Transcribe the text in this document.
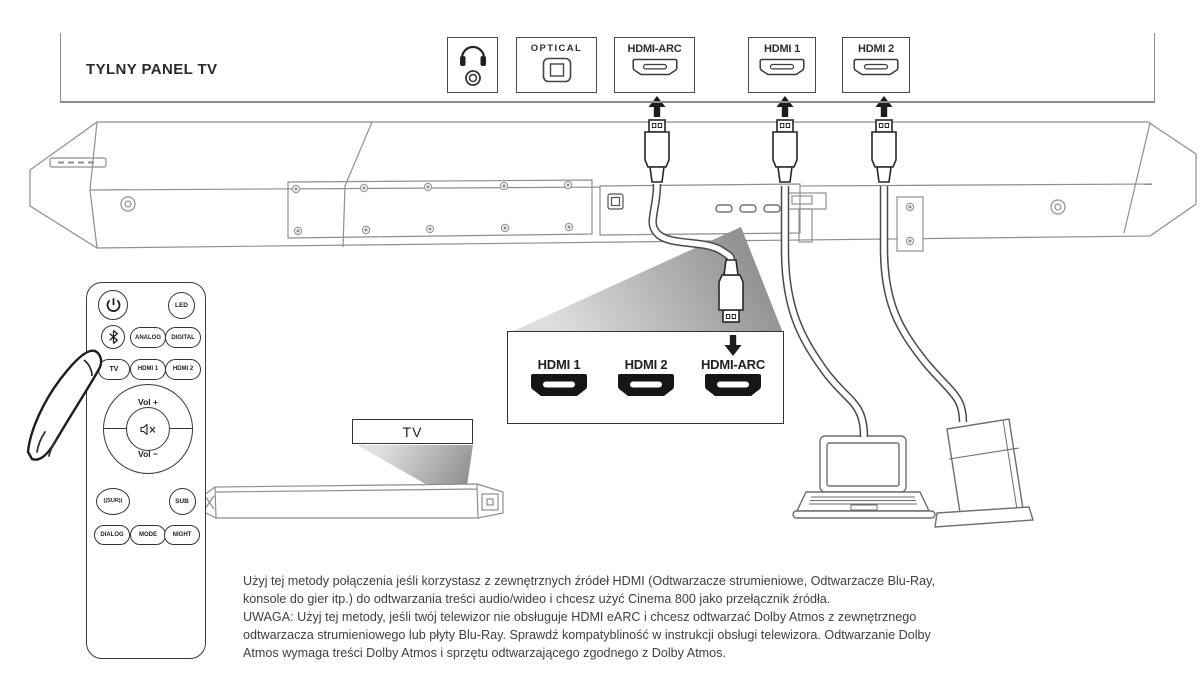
TYLNY PANEL TV
OPTICAL	HDMI-ARC	HDMI 1	HDMI 2
HDMI 1	HDMI 2	HDMI-ARC
TV
LED
ANALOG	DIGITAL
TV	HDMI 1	HDMI 2
Vol +
Vol −
((SUR))	SUB
DIALOG	MODE	NIGHT
Użyj tej metody połączenia jeśli korzystasz z zewnętrznych źródeł HDMI (Odtwarzacze strumieniowe, Odtwarzacze Blu-Ray,
konsole do gier itp.) do odtwarzania treści audio/wideo i chcesz użyć Cinema 800 jako przełącznik źródła.
UWAGA: Użyj tej metody, jeśli twój telewizor nie obsługuje HDMI eARC i chcesz odtwarzać Dolby Atmos z zewnętrznego
odtwarzacza strumieniowego lub płyty Blu-Ray. Sprawdź kompatybliność w instrukcji obsługi telewizora. Odtwarzanie Dolby
Atmos wymaga treści Dolby Atmos i sprzętu odtwarzającego zgodnego z Dolby Atmos.
